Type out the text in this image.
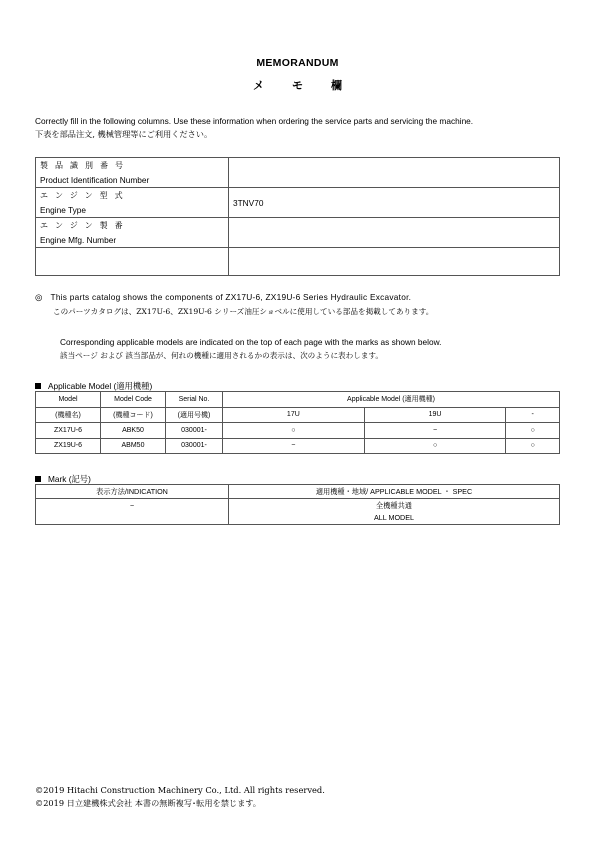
MEMORANDUM
メ	モ	欄
Correctly fill in the following columns. Use these information when ordering the service parts and servicing the machine.
下表を部品注文, 機械管理等にご利用ください。
製品識別番号
Product Identification Number	

エンジン型式
Engine Type	3TNV70

エンジン製番
Engine Mfg. Number	

◎ This parts catalog shows the components of ZX17U-6, ZX19U-6 Series Hydraulic Excavator.
このパーツカタログは、ZX17U-6、ZX19U-6 シリーズ油圧ショベルに使用している部品を掲載してあります。
Corresponding applicable models are indicated on the top of each page with the marks as shown below.
該当ページ および 該当部品が、何れの機種に適用されるかの表示は、次のように表わします。
Applicable Model (適用機種)
Model	Model Code	Serial No.	Applicable Model (適用機種)		
(機種名)	(機種コード)	(適用号機)	17U	19U	-
ZX17U-6	ABK50	030001-	○	−	○
ZX19U-6	ABM50	030001-	−	○	○
Mark (記号)
表示方法/INDICATION	適用機種・地域/ APPLICABLE MODEL ・ SPEC
−	全機種共通
ALL MODEL
©2019 Hitachi Construction Machinery Co., Ltd. All rights reserved.
©2019 日立建機株式会社 本書の無断複写･転用を禁じます。
